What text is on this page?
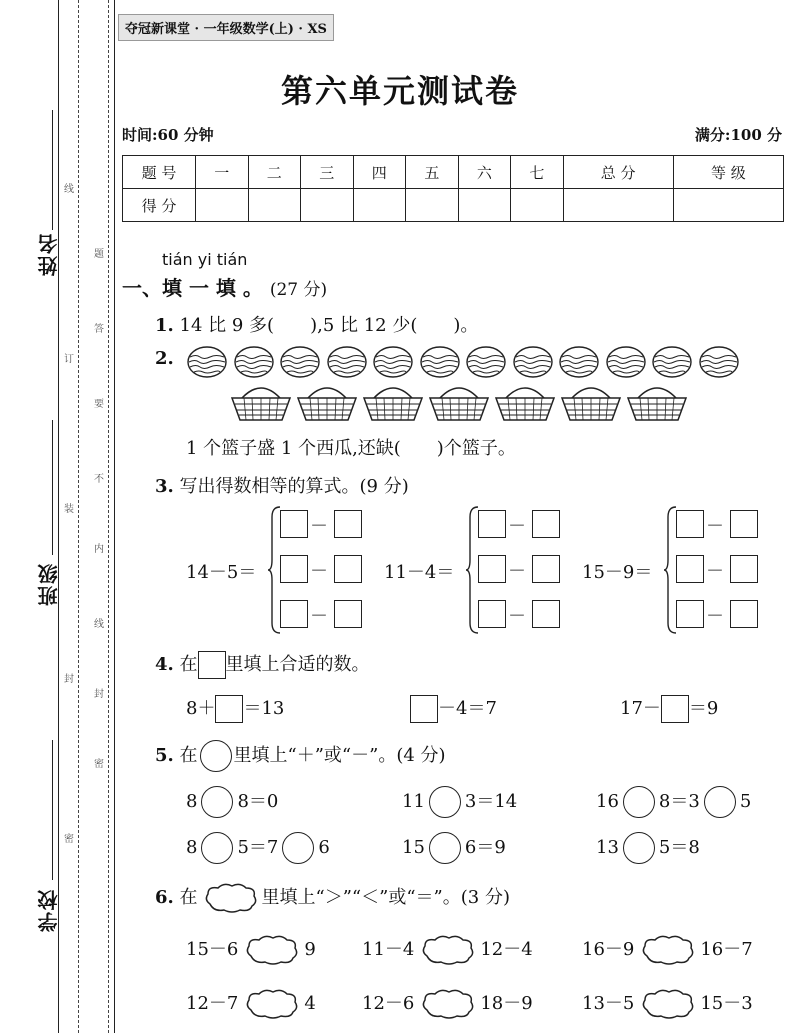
姓名
班级
学校
线
订
装
封
密
题
答
要
不
内
线
封
密
夺冠新课堂 · 一年级数学(上) · XS
第六单元测试卷
时间:60 分钟	满分:100 分
题 号	一	二	三	四	五	六	七	总 分	等 级
得 分									
tián yi tián
一、填 一 填 。 (27 分)
1. 14 比 9 多(　　),5 比 12 少(　　)。
2.
1 个篮子盛 1 个西瓜,还缺(　　)个篮子。
3. 写出得数相等的算式。(9 分)
14－5＝
－
－
－
11－4＝
－
－
－
15－9＝
－
－
－
4. 在 里填上合适的数。
8＋ ＝13	－4＝7	17－ ＝9
5. 在 里填上“＋”或“－”。(4 分)
8 8＝0	11 3＝14	16 8＝3 5
8 5＝7 6	15 6＝9	13 5＝8
6. 在	里填上“＞”“＜”或“＝”。(3 分)
15－6	9	11－4	12－4	16－9	16－7
12－7	4	12－6	18－9	13－5	15－3
